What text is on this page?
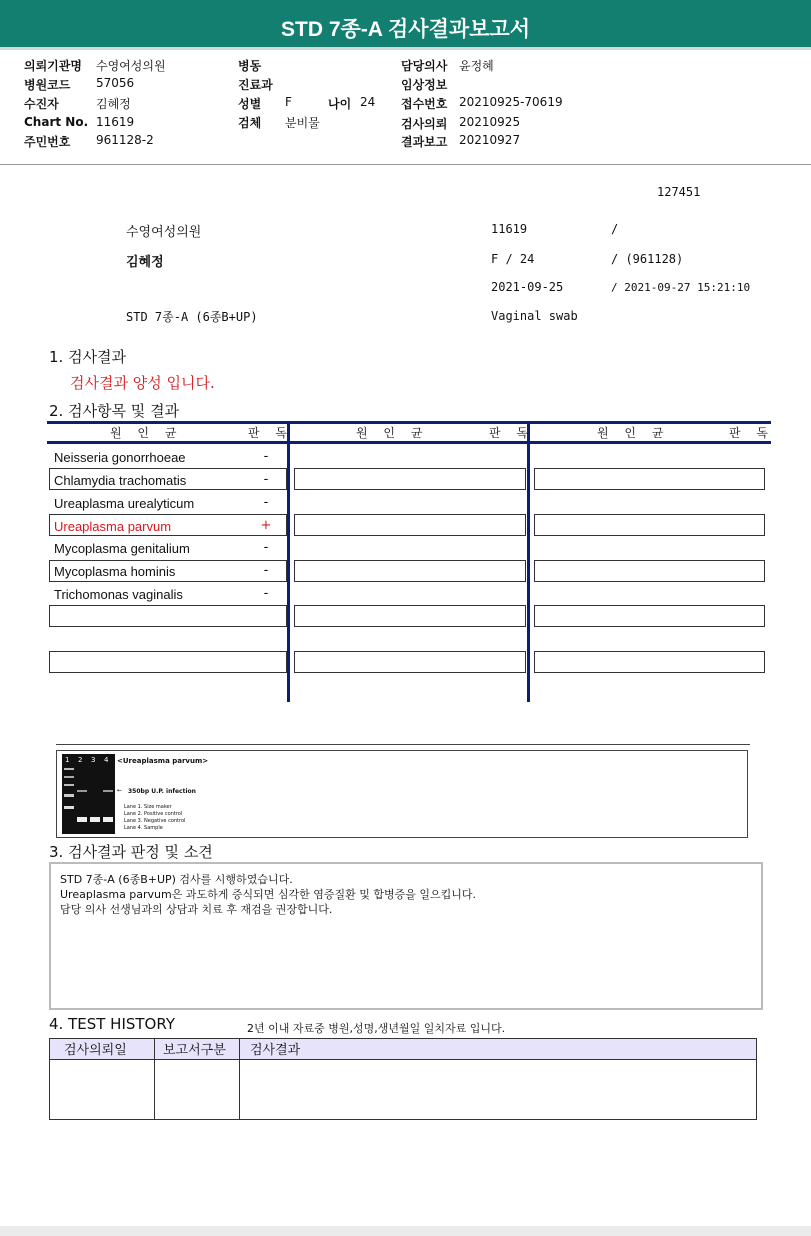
STD 7종-A 검사결과보고서
의뢰기관명 수영여성의원
병원코드 57056
수진자	김혜정
Chart No. 11619
주민번호 961128-2
병동
진료과
성별 F	나이 24
검체 분비물
담당의사 윤정혜
임상정보
접수번호 20210925-70619
검사의뢰 20210925
결과보고 20210927
127451
수영여성의원	11619	/
김혜정	F / 24	/ (961128)
2021-09-25	/ 2021-09-27 15:21:10
STD 7종-A (6종B+UP)	Vaginal swab
1. 검사결과
검사결과 양성 입니다.
2. 검사항목 및 결과
원 인 균	판 독	원 인 균	판 독	원 인 균	판 독
Neisseria gonorrhoeae	-
Chlamydia trachomatis	-
Ureaplasma urealyticum	-
Ureaplasma parvum	+
Mycoplasma genitalium	-
Mycoplasma hominis	-
Trichomonas vaginalis	-
1 2 3 4 <Ureaplasma parvum>
← 350bp U.P. infection
Lane 1. Size maker
Lane 2. Positive control
Lane 3. Negative control
Lane 4. Sample
3. 검사결과 판정 및 소견
STD 7종-A (6종B+UP) 검사를 시행하였습니다.
Ureaplasma parvum은 과도하게 증식되면 심각한 염증질환 및 합병증을 일으킵니다.
담당 의사 선생님과의 상담과 치료 후 재검을 권장합니다.
4. TEST HISTORY	2년 이내 자료중 병원,성명,생년월일 일치자료 입니다.
검사의뢰일	보고서구분	검사결과
